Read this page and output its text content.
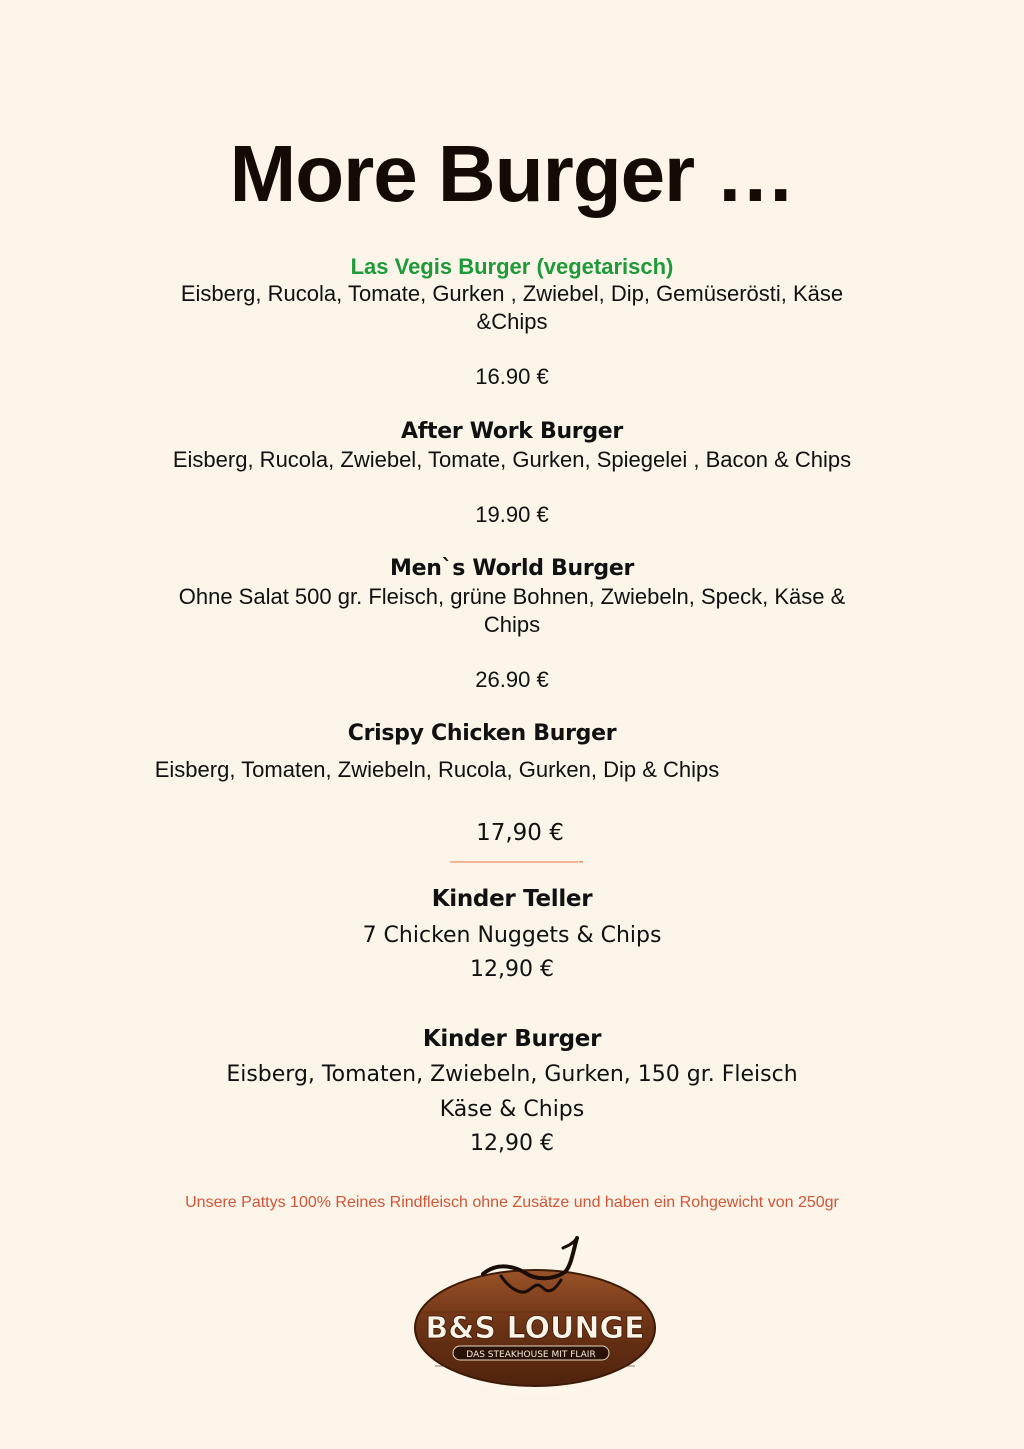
More Burger …
Las Vegis Burger (vegetarisch)
Eisberg, Rucola, Tomate, Gurken , Zwiebel, Dip, Gemüserösti, Käse
&Chips
16.90 €
After Work Burger
Eisberg, Rucola, Zwiebel, Tomate, Gurken, Spiegelei , Bacon & Chips
19.90 €
Men`s World Burger
Ohne Salat 500 gr. Fleisch, grüne Bohnen, Zwiebeln, Speck, Käse &
Chips
26.90 €
Crispy Chicken Burger
Eisberg, Tomaten, Zwiebeln, Rucola, Gurken, Dip & Chips
17,90 €
————————-
Kinder Teller
7 Chicken Nuggets & Chips
12,90 €
Kinder Burger
Eisberg, Tomaten, Zwiebeln, Gurken, 150 gr. Fleisch
Käse & Chips
12,90 €
Unsere Pattys 100% Reines Rindfleisch ohne Zusätze und haben ein Rohgewicht von 250gr
B&S LOUNGE
DAS STEAKHOUSE MIT FLAIR
